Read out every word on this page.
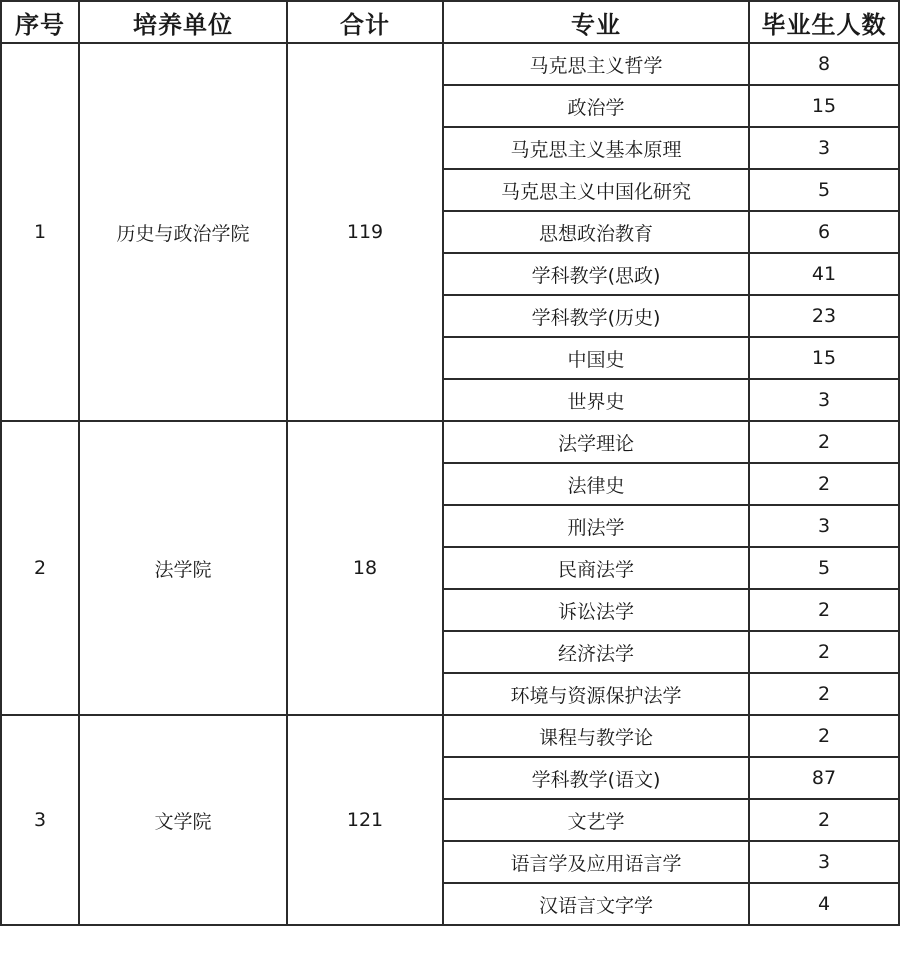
序号	培养单位	合计	专业	毕业生人数
1	历史与政治学院	119	马克思主义哲学	8
			政治学	15
			马克思主义基本原理	3
			马克思主义中国化研究	5
			思想政治教育	6
			学科教学(思政)	41
			学科教学(历史)	23
			中国史	15
			世界史	3
2	法学院	18	法学理论	2
			法律史	2
			刑法学	3
			民商法学	5
			诉讼法学	2
			经济法学	2
			环境与资源保护法学	2
3	文学院	121	课程与教学论	2
			学科教学(语文)	87
			文艺学	2
			语言学及应用语言学	3
			汉语言文字学	4
